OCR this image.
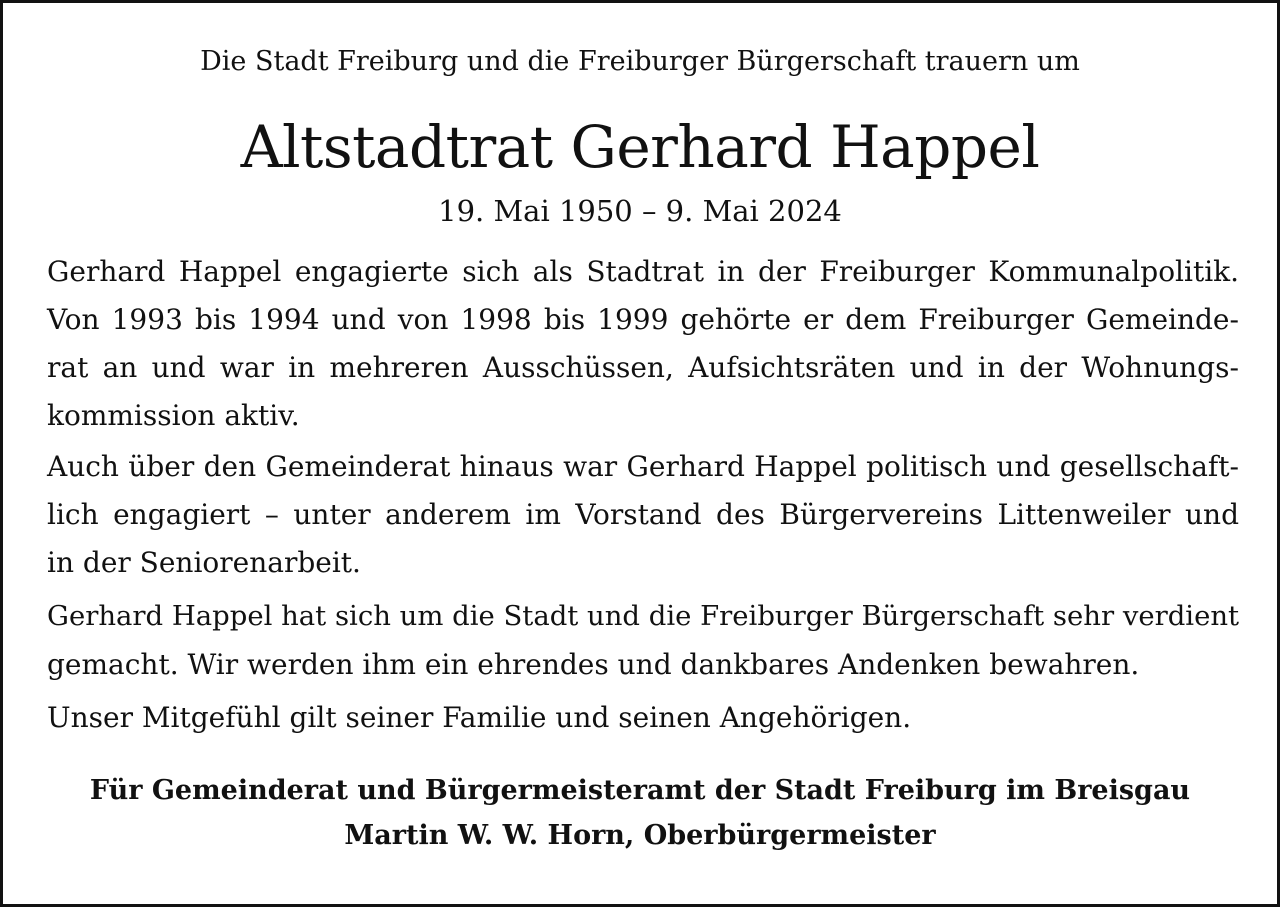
Die Stadt Freiburg und die Freiburger Bürgerschaft trauern um

Altstadtrat Gerhard Happel

19. Mai 1950 – 9. Mai 2024

Gerhard Happel engagierte sich als Stadtrat in der Freiburger Kommunalpolitik.
Von 1993 bis 1994 und von 1998 bis 1999 gehörte er dem Freiburger Gemeinde-
rat an und war in mehreren Ausschüssen, Aufsichtsräten und in der Wohnungs-
kommission aktiv.

Auch über den Gemeinderat hinaus war Gerhard Happel politisch und gesellschaft-
lich engagiert – unter anderem im Vorstand des Bürgervereins Littenweiler und
in der Seniorenarbeit.

Gerhard Happel hat sich um die Stadt und die Freiburger Bürgerschaft sehr verdient
gemacht. Wir werden ihm ein ehrendes und dankbares Andenken bewahren.

Unser Mitgefühl gilt seiner Familie und seinen Angehörigen.

Für Gemeinderat und Bürgermeisteramt der Stadt Freiburg im Breisgau

Martin W. W. Horn, Oberbürgermeister
